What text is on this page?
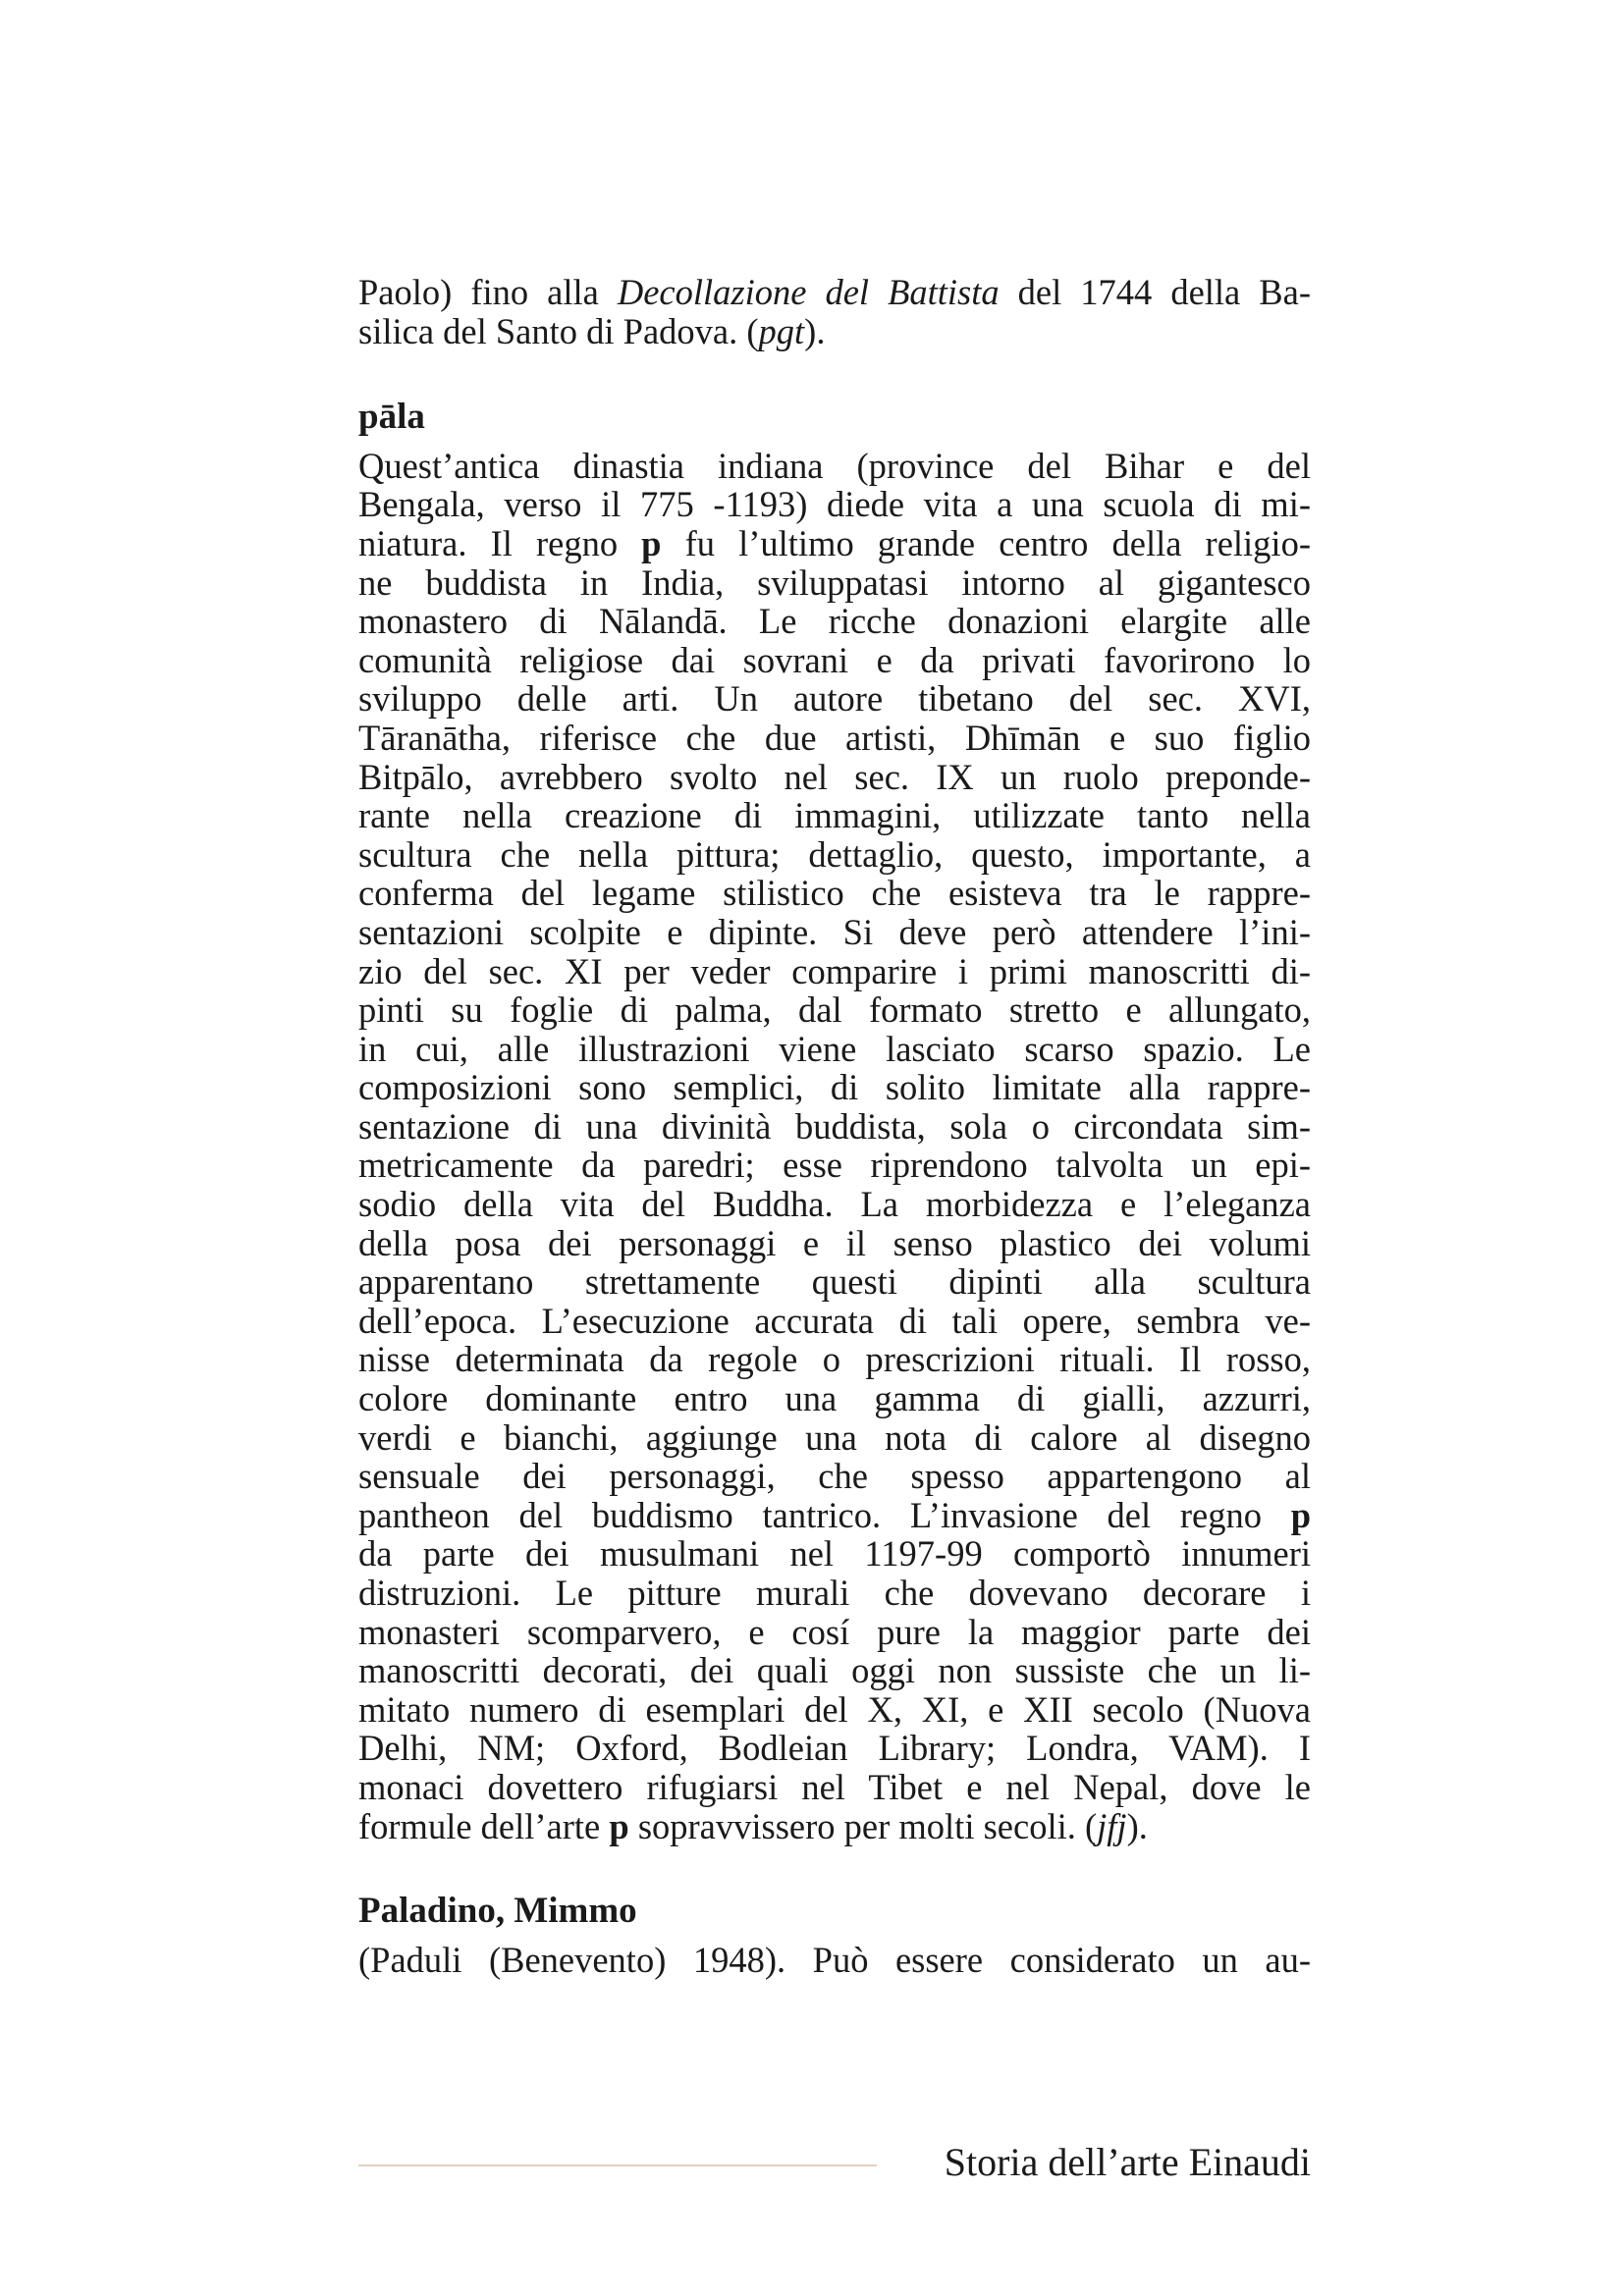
Paolo) fino alla Decollazione del Battista del 1744 della Ba-

silica del Santo di Padova. (pgt).

pāla

Quest’antica dinastia indiana (province del Bihar e del

Bengala, verso il 775 -1193) diede vita a una scuola di mi-

niatura. Il regno p fu l’ultimo grande centro della religio-

ne buddista in India, sviluppatasi intorno al gigantesco

monastero di Nālandā. Le ricche donazioni elargite alle

comunità religiose dai sovrani e da privati favorirono lo

sviluppo delle arti. Un autore tibetano del sec. XVI,

Tāranātha, riferisce che due artisti, Dhīmān e suo figlio

Bitpālo, avrebbero svolto nel sec. IX un ruolo preponde-

rante nella creazione di immagini, utilizzate tanto nella

scultura che nella pittura; dettaglio, questo, importante, a

conferma del legame stilistico che esisteva tra le rappre-

sentazioni scolpite e dipinte. Si deve però attendere l’ini-

zio del sec. XI per veder comparire i primi manoscritti di-

pinti su foglie di palma, dal formato stretto e allungato,

in cui, alle illustrazioni viene lasciato scarso spazio. Le

composizioni sono semplici, di solito limitate alla rappre-

sentazione di una divinità buddista, sola o circondata sim-

metricamente da paredri; esse riprendono talvolta un epi-

sodio della vita del Buddha. La morbidezza e l’eleganza

della posa dei personaggi e il senso plastico dei volumi

apparentano strettamente questi dipinti alla scultura

dell’epoca. L’esecuzione accurata di tali opere, sembra ve-

nisse determinata da regole o prescrizioni rituali. Il rosso,

colore dominante entro una gamma di gialli, azzurri,

verdi e bianchi, aggiunge una nota di calore al disegno

sensuale dei personaggi, che spesso appartengono al

pantheon del buddismo tantrico. L’invasione del regno p

da parte dei musulmani nel 1197-99 comportò innumeri

distruzioni. Le pitture murali che dovevano decorare i

monasteri scomparvero, e cosí pure la maggior parte dei

manoscritti decorati, dei quali oggi non sussiste che un li-

mitato numero di esemplari del X, XI, e XII secolo (Nuova

Delhi, NM; Oxford, Bodleian Library; Londra, VAM). I

monaci dovettero rifugiarsi nel Tibet e nel Nepal, dove le

formule dell’arte p sopravvissero per molti secoli. (jfj).

Paladino, Mimmo

(Paduli (Benevento) 1948). Può essere considerato un au-

Storia dell’arte Einaudi
